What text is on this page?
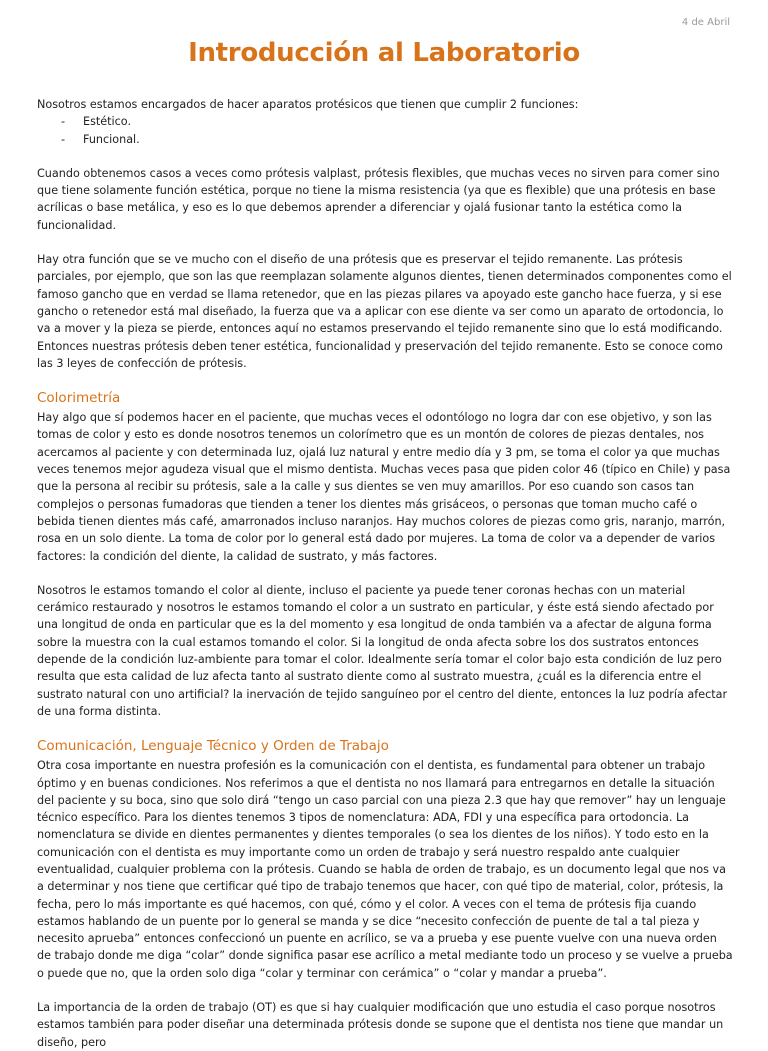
4 de Abril
Introducción al Laboratorio

Nosotros estamos encargados de hacer aparatos protésicos que tienen que cumplir 2 funciones:

- Estético.
- Funcional.

Cuando obtenemos casos a veces como prótesis valplast, prótesis flexibles, que muchas veces no sirven para comer sino que tiene solamente función estética, porque no tiene la misma resistencia (ya que es flexible) que una prótesis en base acrílicas o base metálica, y eso es lo que debemos aprender a diferenciar y ojalá fusionar tanto la estética como la funcionalidad.

Hay otra función que se ve mucho con el diseño de una prótesis que es preservar el tejido remanente. Las prótesis parciales, por ejemplo, que son las que reemplazan solamente algunos dientes, tienen determinados componentes como el famoso gancho que en verdad se llama retenedor, que en las piezas pilares va apoyado este gancho hace fuerza, y si ese gancho o retenedor está mal diseñado, la fuerza que va a aplicar con ese diente va ser como un aparato de ortodoncia, lo va a mover y la pieza se pierde, entonces aquí no estamos preservando el tejido remanente sino que lo está modificando. Entonces nuestras prótesis deben tener estética, funcionalidad y preservación del tejido remanente. Esto se conoce como las 3 leyes de confección de prótesis.

Colorimetría

Hay algo que sí podemos hacer en el paciente, que muchas veces el odontólogo no logra dar con ese objetivo, y son las tomas de color y esto es donde nosotros tenemos un colorímetro que es un montón de colores de piezas dentales, nos acercamos al paciente y con determinada luz, ojalá luz natural y entre medio día y 3 pm, se toma el color ya que muchas veces tenemos mejor agudeza visual que el mismo dentista. Muchas veces pasa que piden color 46 (típico en Chile) y pasa que la persona al recibir su prótesis, sale a la calle y sus dientes se ven muy amarillos. Por eso cuando son casos tan complejos o personas fumadoras que tienden a tener los dientes más grisáceos, o personas que toman mucho café o bebida tienen dientes más café, amarronados incluso naranjos. Hay muchos colores de piezas como gris, naranjo, marrón, rosa en un solo diente. La toma de color por lo general está dado por mujeres. La toma de color va a depender de varios factores: la condición del diente, la calidad de sustrato, y más factores.

Nosotros le estamos tomando el color al diente, incluso el paciente ya puede tener coronas hechas con un material cerámico restaurado y nosotros le estamos tomando el color a un sustrato en particular, y éste está siendo afectado por una longitud de onda en particular que es la del momento y esa longitud de onda también va a afectar de alguna forma sobre la muestra con la cual estamos tomando el color. Si la longitud de onda afecta sobre los dos sustratos entonces depende de la condición luz-ambiente para tomar el color. Idealmente sería tomar el color bajo esta condición de luz pero resulta que esta calidad de luz afecta tanto al sustrato diente como al sustrato muestra, ¿cuál es la diferencia entre el sustrato natural con uno artificial? la inervación de tejido sanguíneo por el centro del diente, entonces la luz podría afectar de una forma distinta.

Comunicación, Lenguaje Técnico y Orden de Trabajo

Otra cosa importante en nuestra profesión es la comunicación con el dentista, es fundamental para obtener un trabajo óptimo y en buenas condiciones. Nos referimos a que el dentista no nos llamará para entregarnos en detalle la situación del paciente y su boca, sino que solo dirá “tengo un caso parcial con una pieza 2.3 que hay que remover” hay un lenguaje técnico específico. Para los dientes tenemos 3 tipos de nomenclatura: ADA, FDI y una específica para ortodoncia. La nomenclatura se divide en dientes permanentes y dientes temporales (o sea los dientes de los niños). Y todo esto en la comunicación con el dentista es muy importante como un orden de trabajo y será nuestro respaldo ante cualquier eventualidad, cualquier problema con la prótesis. Cuando se habla de orden de trabajo, es un documento legal que nos va a determinar y nos tiene que certificar qué tipo de trabajo tenemos que hacer, con qué tipo de material, color, prótesis, la fecha, pero lo más importante es qué hacemos, con qué, cómo y el color. A veces con el tema de prótesis fija cuando estamos hablando de un puente por lo general se manda y se dice “necesito confección de puente de tal a tal pieza y necesito aprueba” entonces confeccionó un puente en acrílico, se va a prueba y ese puente vuelve con una nueva orden de trabajo donde me diga “colar” donde significa pasar ese acrílico a metal mediante todo un proceso y se vuelve a prueba o puede que no, que la orden solo diga “colar y terminar con cerámica” o “colar y mandar a prueba”.

La importancia de la orden de trabajo (OT) es que si hay cualquier modificación que uno estudia el caso porque nosotros estamos también para poder diseñar una determinada prótesis donde se supone que el dentista nos tiene que mandar un diseño, pero
